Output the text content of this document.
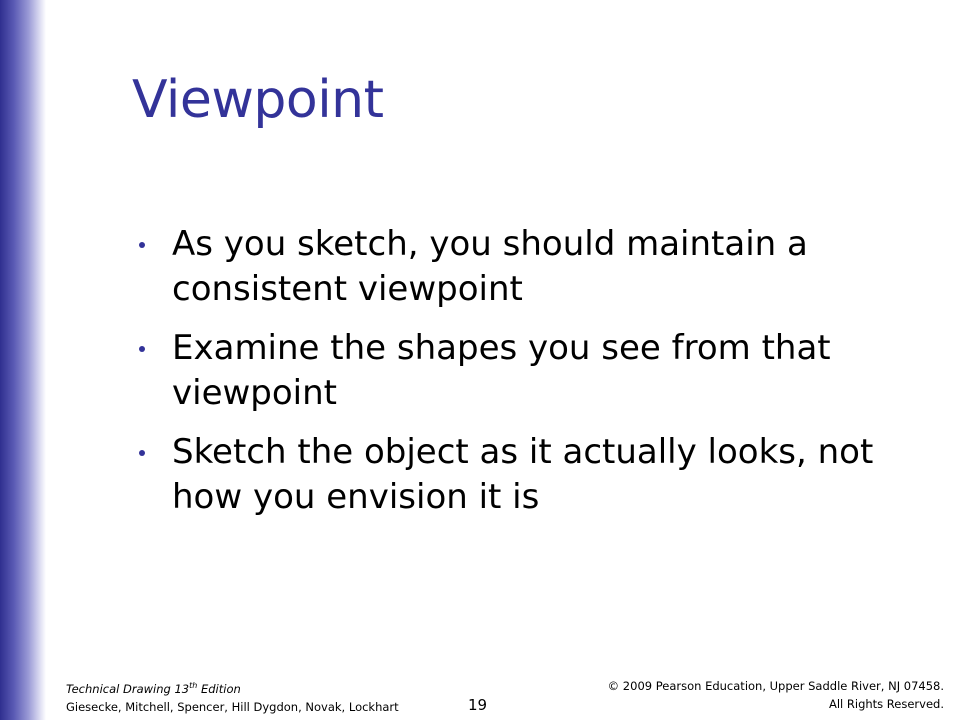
Viewpoint
As you sketch, you should maintain a consistent viewpoint
Examine the shapes you see from that viewpoint
Sketch the object as it actually looks, not how you envision it is
Technical Drawing 13th Edition
Giesecke, Mitchell, Spencer, Hill Dygdon, Novak, Lockhart	19
© 2009 Pearson Education, Upper Saddle River, NJ 07458.
All Rights Reserved.
